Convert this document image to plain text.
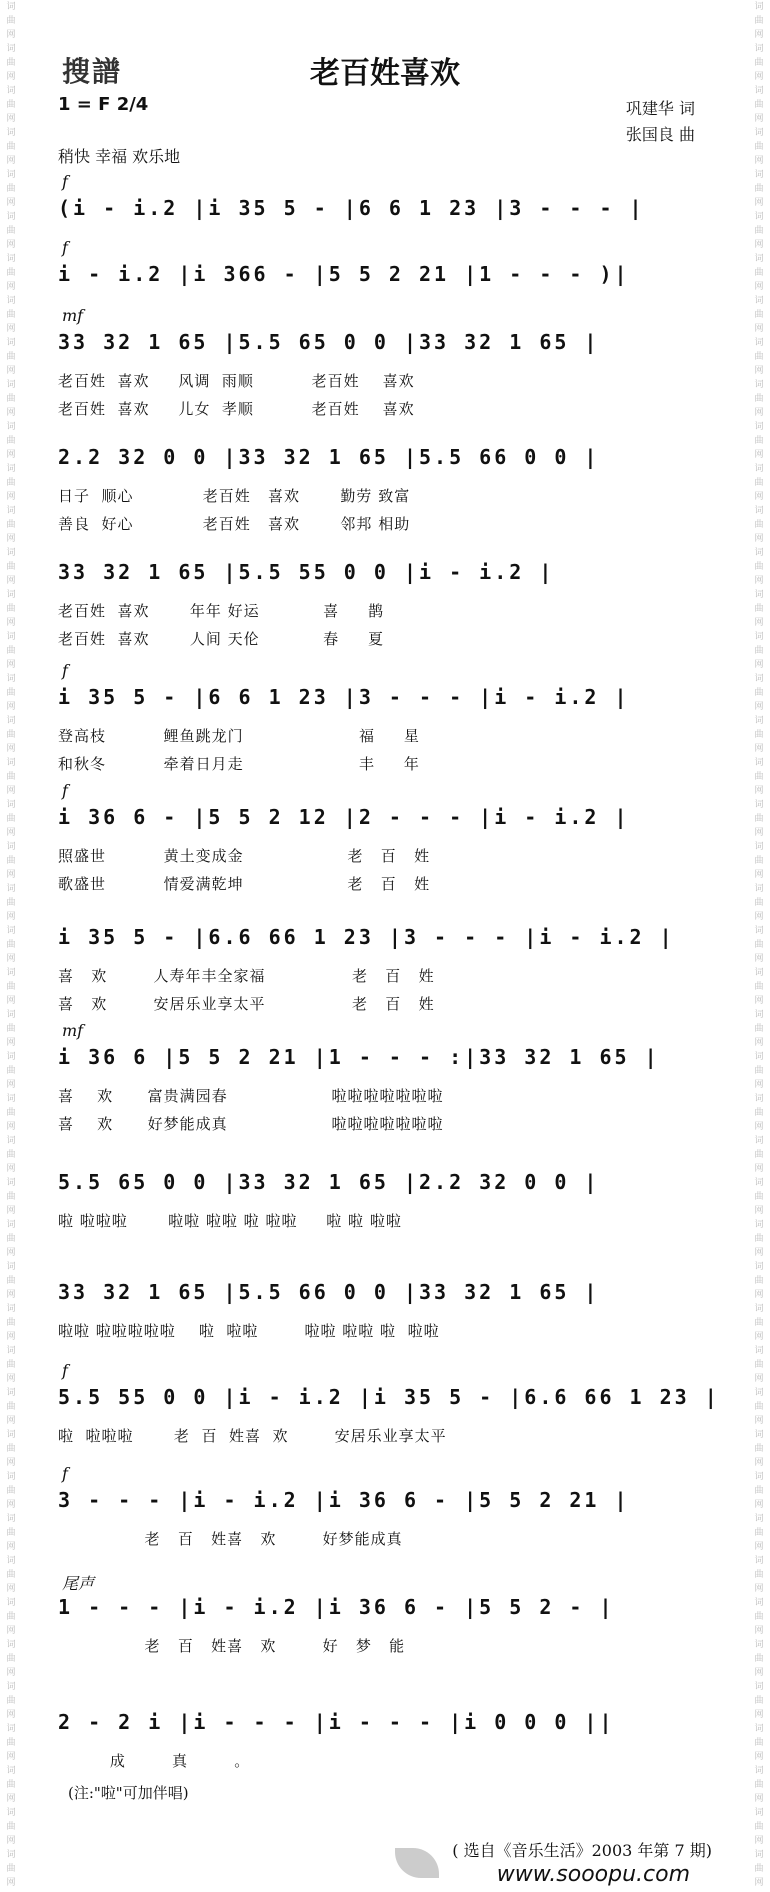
词曲网 词曲网 词曲网 词曲网 词曲网 词曲网 词曲网 词曲网 词曲网 词曲网 词曲网 词曲网 词曲网 词曲网 词曲网 词曲网 词曲网 词曲网 词曲网 词曲网 词曲网 词曲网 词曲网 词曲网 词曲网 词曲网 词曲网 词曲网 词曲网 词曲网 词曲网 词曲网 词曲网 词曲网 词曲网 词曲网 词曲网 词曲网 词曲网 词曲网 词曲网 词曲网 词曲网 词曲网 词曲网
词曲网 词曲网 词曲网 词曲网 词曲网 词曲网 词曲网 词曲网 词曲网 词曲网 词曲网 词曲网 词曲网 词曲网 词曲网 词曲网 词曲网 词曲网 词曲网 词曲网 词曲网 词曲网 词曲网 词曲网 词曲网 词曲网 词曲网 词曲网 词曲网 词曲网 词曲网 词曲网 词曲网 词曲网 词曲网 词曲网 词曲网 词曲网 词曲网 词曲网 词曲网 词曲网 词曲网 词曲网 词曲网
搜譜	老百姓喜欢
1 = F 2/4	巩建华 词
张国良 曲
稍快 幸福 欢乐地
f
(i - i.2 |i 35 5 - |6 6 1 23 |3 - - - |
f
i - i.2 |i 366 - |5 5 2 21 |1 - - - )|
mf
33 32 1 65 |5.5 65 0 0 |33 32 1 65 |
老百姓  喜欢     风调  雨顺          老百姓    喜欢
老百姓  喜欢     儿女  孝顺          老百姓    喜欢
2.2 32 0 0 |33 32 1 65 |5.5 66 0 0 |
日子  顺心            老百姓   喜欢       勤劳 致富
善良  好心            老百姓   喜欢       邻邦 相助
33 32 1 65 |5.5 55 0 0 |i - i.2 |
老百姓  喜欢       年年 好运           喜     鹊
老百姓  喜欢       人间 天伦           春     夏
f
i 35 5 - |6 6 1 23 |3 - - - |i - i.2 |
登高枝          鲤鱼跳龙门                    福     星
和秋冬          牵着日月走                    丰     年
f
i 36 6 - |5 5 2 12 |2 - - - |i - i.2 |
照盛世          黄土变成金                  老   百   姓
歌盛世          情爱满乾坤                  老   百   姓
i 35 5 - |6.6 66 1 23 |3 - - - |i - i.2 |
喜   欢        人寿年丰全家福               老   百   姓
喜   欢        安居乐业享太平               老   百   姓
mf
i 36 6 |5 5 2 21 |1 - - - :|33 32 1 65 |
喜    欢      富贵满园春                  啦啦啦啦啦啦啦
喜    欢      好梦能成真                  啦啦啦啦啦啦啦
5.5 65 0 0 |33 32 1 65 |2.2 32 0 0 |
啦 啦啦啦       啦啦 啦啦 啦 啦啦     啦 啦 啦啦
33 32 1 65 |5.5 66 0 0 |33 32 1 65 |
啦啦 啦啦啦啦啦    啦  啦啦        啦啦 啦啦 啦  啦啦
f
5.5 55 0 0 |i - i.2 |i 35 5 - |6.6 66 1 23 |
啦  啦啦啦       老  百  姓喜  欢        安居乐业享太平
f
3 - - - |i - i.2 |i 36 6 - |5 5 2 21 |
老   百   姓喜   欢        好梦能成真
尾声
1 - - - |i - i.2 |i 36 6 - |5 5 2 - |
老   百   姓喜   欢        好   梦   能
2 - 2 i |i - - - |i - - - |i 0 0 0 ||
成        真        。
(注:"啦"可加伴唱)
( 选自《音乐生活》2003 年第 7 期)
www.sooopu.com
